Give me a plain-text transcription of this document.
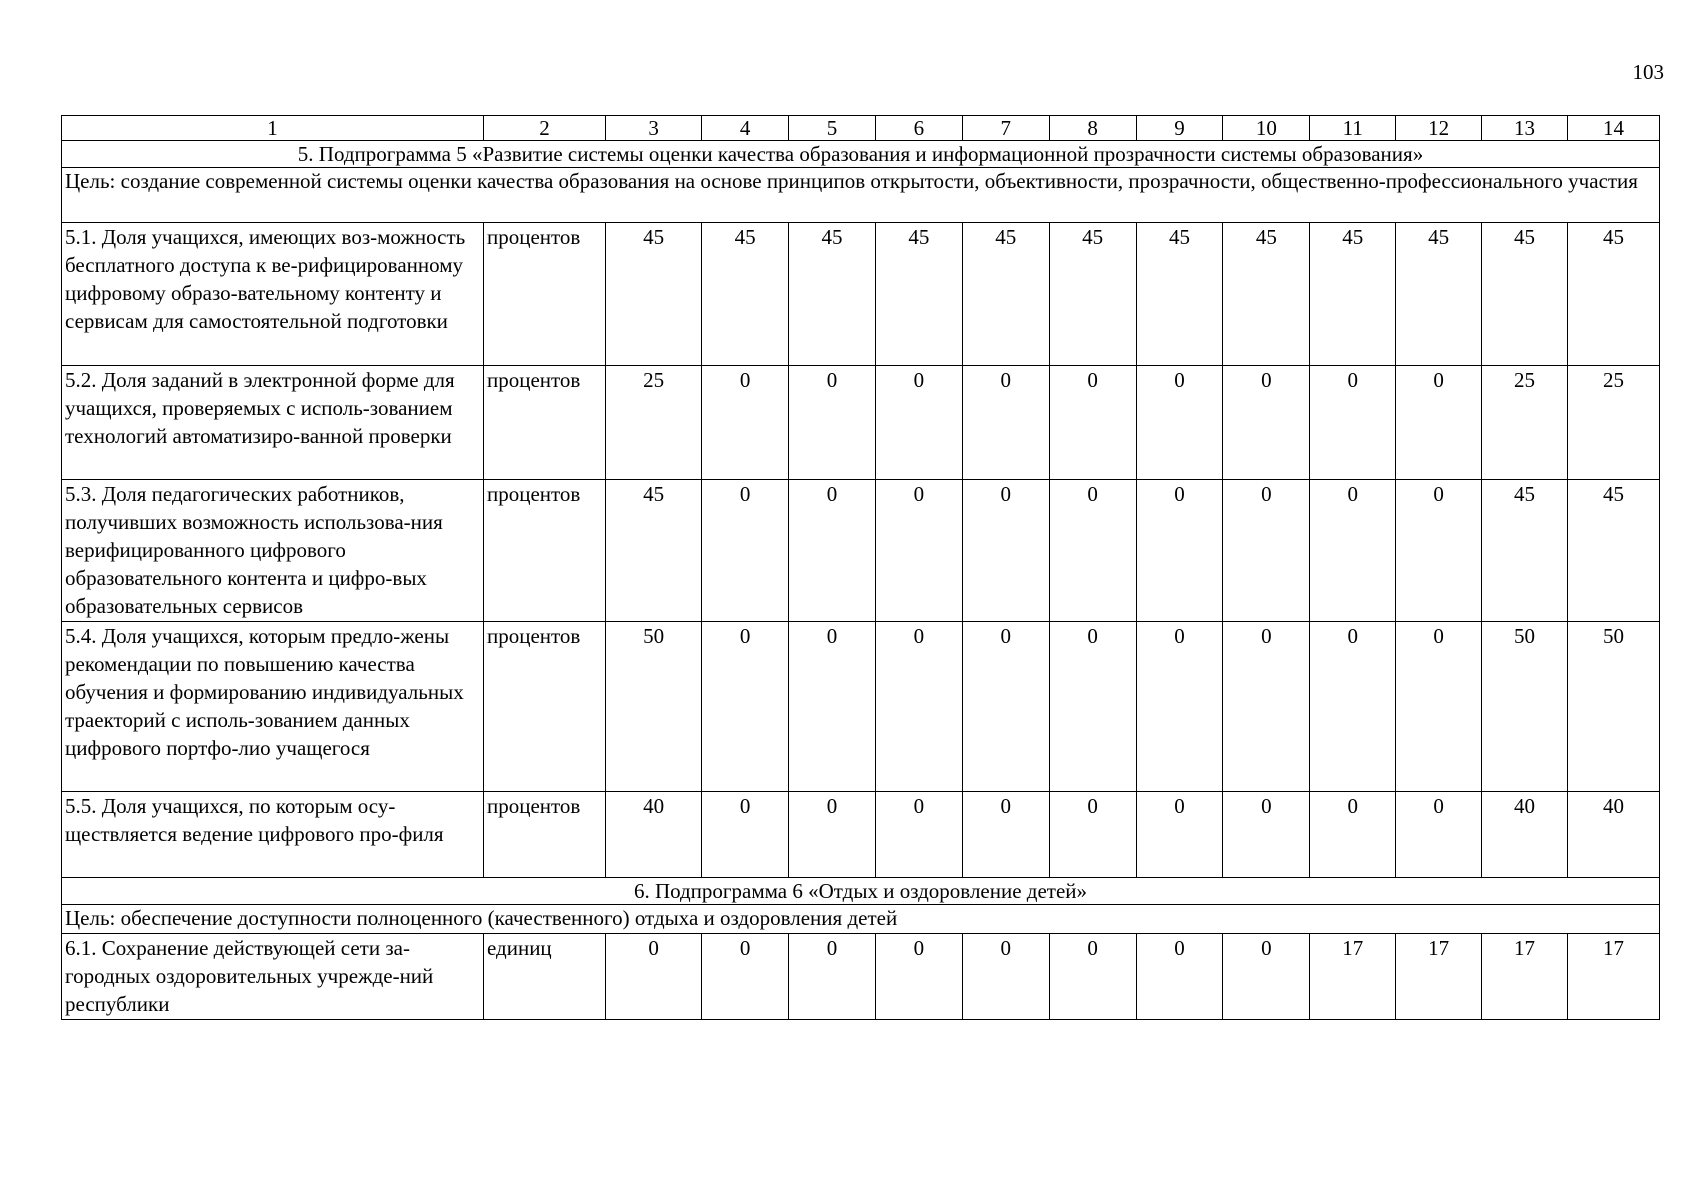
103
1	2	3	4	5	6	7	8	9	10	11	12	13	14
5. Подпрограмма 5 «Развитие системы оценки качества образования и информационной прозрачности системы образования»													
Цель: создание современной системы оценки качества образования на основе принципов открытости, объективности, прозрачности, общественно-профессионального участия													
5.1. Доля учащихся, имеющих воз-можность бесплатного доступа к ве-рифицированному цифровому образо-вательному контенту и сервисам для самостоятельной подготовки	процентов	45	45	45	45	45	45	45	45	45	45	45	45
5.2. Доля заданий в электронной форме для учащихся, проверяемых с исполь-зованием технологий автоматизиро-ванной проверки	процентов	25	0	0	0	0	0	0	0	0	0	25	25
5.3. Доля педагогических работников, получивших возможность использова-ния верифицированного цифрового образовательного контента и цифро-вых образовательных сервисов	процентов	45	0	0	0	0	0	0	0	0	0	45	45
5.4. Доля учащихся, которым предло-жены рекомендации по повышению качества обучения и формированию индивидуальных траекторий с исполь-зованием данных цифрового портфо-лио учащегося	процентов	50	0	0	0	0	0	0	0	0	0	50	50
5.5. Доля учащихся, по которым осу-ществляется ведение цифрового про-филя	процентов	40	0	0	0	0	0	0	0	0	0	40	40
6. Подпрограмма 6 «Отдых и оздоровление детей»													
Цель: обеспечение доступности полноценного (качественного) отдыха и оздоровления детей													
6.1. Сохранение действующей сети за-городных оздоровительных учрежде-ний республики	единиц	0	0	0	0	0	0	0	0	17	17	17	17
